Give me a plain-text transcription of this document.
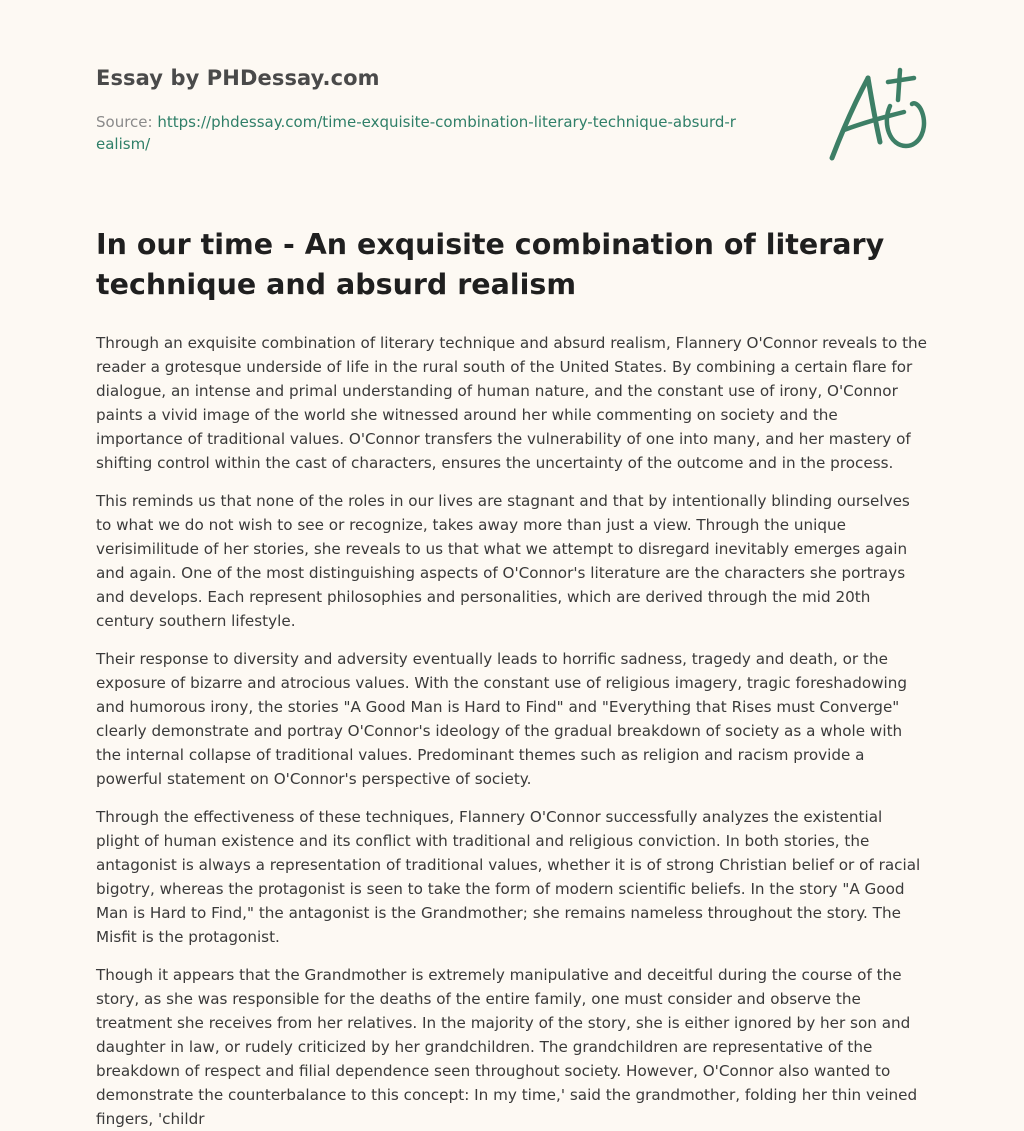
Essay by PHDessay.com
Source: https://phdessay.com/time-exquisite-combination-literary-technique-absurd-realism/
In our time - An exquisite combination of literary technique and absurd realism

Through an exquisite combination of literary technique and absurd realism, Flannery O'Connor reveals to the reader a grotesque underside of life in the rural south of the United States. By combining a certain flare for dialogue, an intense and primal understanding of human nature, and the constant use of irony, O'Connor paints a vivid image of the world she witnessed around her while commenting on society and the importance of traditional values. O'Connor transfers the vulnerability of one into many, and her mastery of shifting control within the cast of characters, ensures the uncertainty of the outcome and in the process.

This reminds us that none of the roles in our lives are stagnant and that by intentionally blinding ourselves to what we do not wish to see or recognize, takes away more than just a view. Through the unique verisimilitude of her stories, she reveals to us that what we attempt to disregard inevitably emerges again and again. One of the most distinguishing aspects of O'Connor's literature are the characters she portrays and develops. Each represent philosophies and personalities, which are derived through the mid 20th century southern lifestyle.

Their response to diversity and adversity eventually leads to horrific sadness, tragedy and death, or the exposure of bizarre and atrocious values. With the constant use of religious imagery, tragic foreshadowing and humorous irony, the stories "A Good Man is Hard to Find" and "Everything that Rises must Converge" clearly demonstrate and portray O'Connor's ideology of the gradual breakdown of society as a whole with the internal collapse of traditional values. Predominant themes such as religion and racism provide a powerful statement on O'Connor's perspective of society.

Through the effectiveness of these techniques, Flannery O'Connor successfully analyzes the existential plight of human existence and its conflict with traditional and religious conviction. In both stories, the antagonist is always a representation of traditional values, whether it is of strong Christian belief or of racial bigotry, whereas the protagonist is seen to take the form of modern scientific beliefs. In the story "A Good Man is Hard to Find," the antagonist is the Grandmother; she remains nameless throughout the story. The Misfit is the protagonist.

Though it appears that the Grandmother is extremely manipulative and deceitful during the course of the story, as she was responsible for the deaths of the entire family, one must consider and observe the treatment she receives from her relatives. In the majority of the story, she is either ignored by her son and daughter in law, or rudely criticized by her grandchildren. The grandchildren are representative of the breakdown of respect and filial dependence seen throughout society. However, O'Connor also wanted to demonstrate the counterbalance to this concept: In my time,' said the grandmother, folding her thin veined fingers, 'childr
